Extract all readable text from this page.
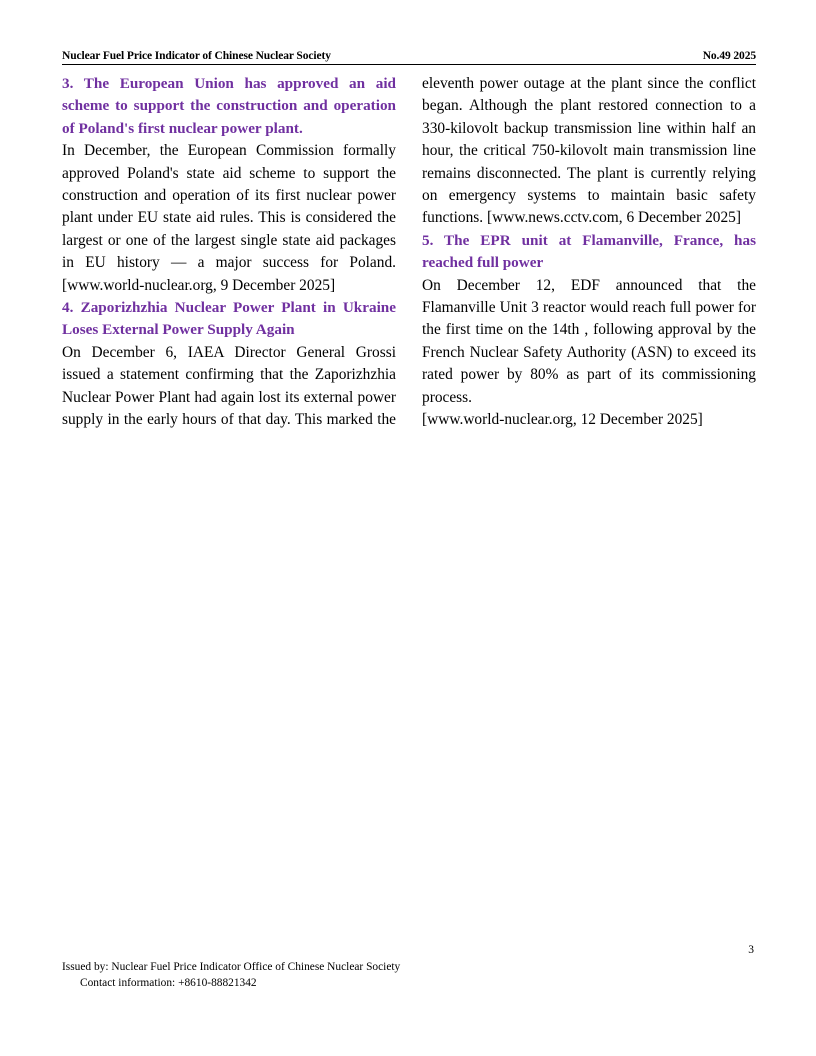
Nuclear Fuel Price Indicator of Chinese Nuclear Society	No.49 2025
3. The European Union has approved an aid scheme to support the construction and operation of Poland's first nuclear power plant.

In December, the European Commission formally approved Poland's state aid scheme to support the construction and operation of its first nuclear power plant under EU state aid rules. This is considered the largest or one of the largest single state aid packages in EU history — a major success for Poland. [www.world-nuclear.org, 9 December 2025]

4. Zaporizhzhia Nuclear Power Plant in Ukraine Loses External Power Supply Again

On December 6, IAEA Director General Grossi issued a statement confirming that the Zaporizhzhia Nuclear Power Plant had again lost its external power supply in the early hours of that day. This marked the

eleventh power outage at the plant since the conflict began. Although the plant restored connection to a 330-kilovolt backup transmission line within half an hour, the critical 750-kilovolt main transmission line remains disconnected. The plant is currently relying on emergency systems to maintain basic safety functions. [www.news.cctv.com, 6 December 2025]

5. The EPR unit at Flamanville, France, has reached full power

On December 12, EDF announced that the Flamanville Unit 3 reactor would reach full power for the first time on the 14th , following approval by the French Nuclear Safety Authority (ASN) to exceed its rated power by 80% as part of its commissioning process.

[www.world-nuclear.org, 12 December 2025]

3
Issued by: Nuclear Fuel Price Indicator Office of Chinese Nuclear Society
Contact information: +8610-88821342
